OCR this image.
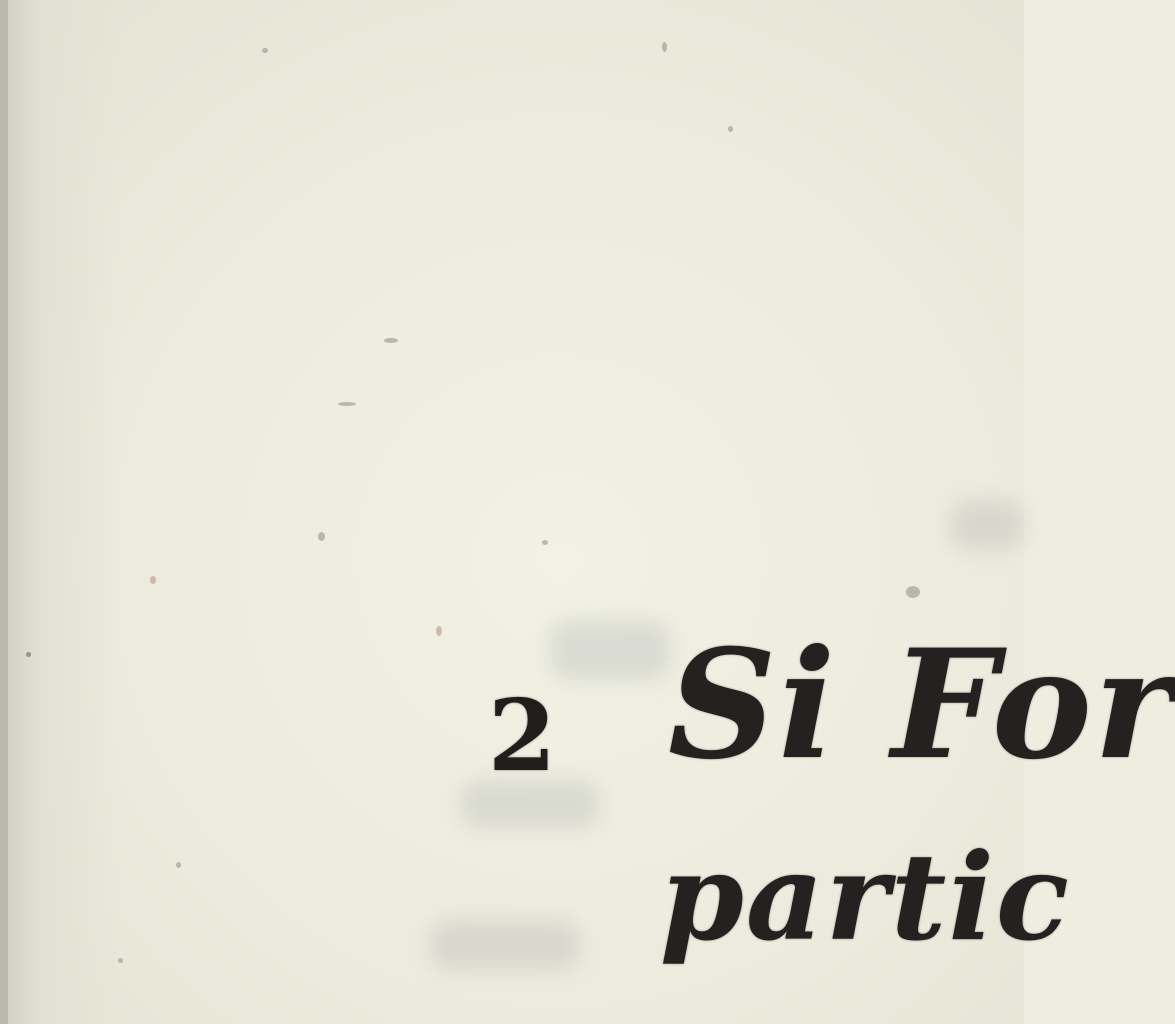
2 Si For
partic
